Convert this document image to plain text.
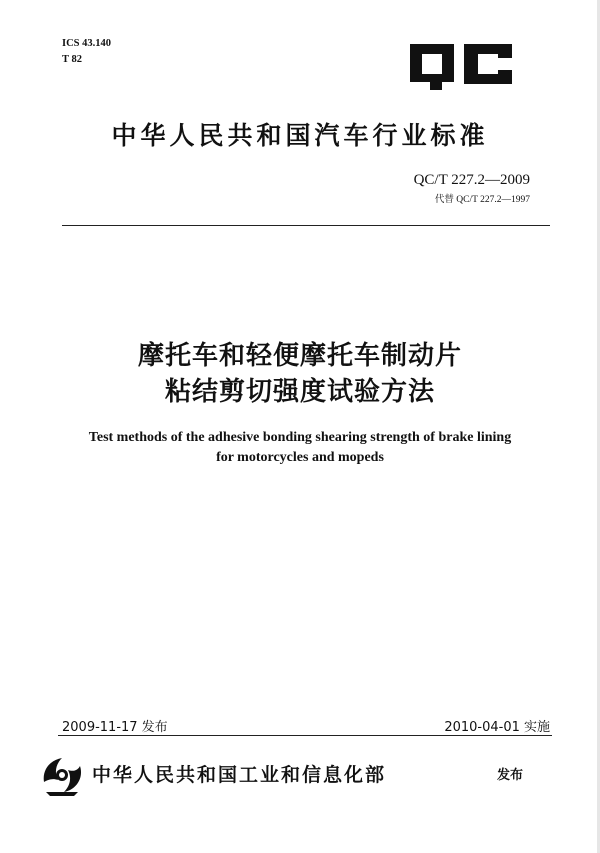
ICS 43.140
T 82
中华人民共和国汽车行业标准
QC/T 227.2—2009
代替 QC/T 227.2—1997
摩托车和轻便摩托车制动片
粘结剪切强度试验方法
Test methods of the adhesive bonding shearing strength of brake lining
for motorcycles and mopeds
2009-11-17 发布	2010-04-01 实施
中华人民共和国工业和信息化部	发布
